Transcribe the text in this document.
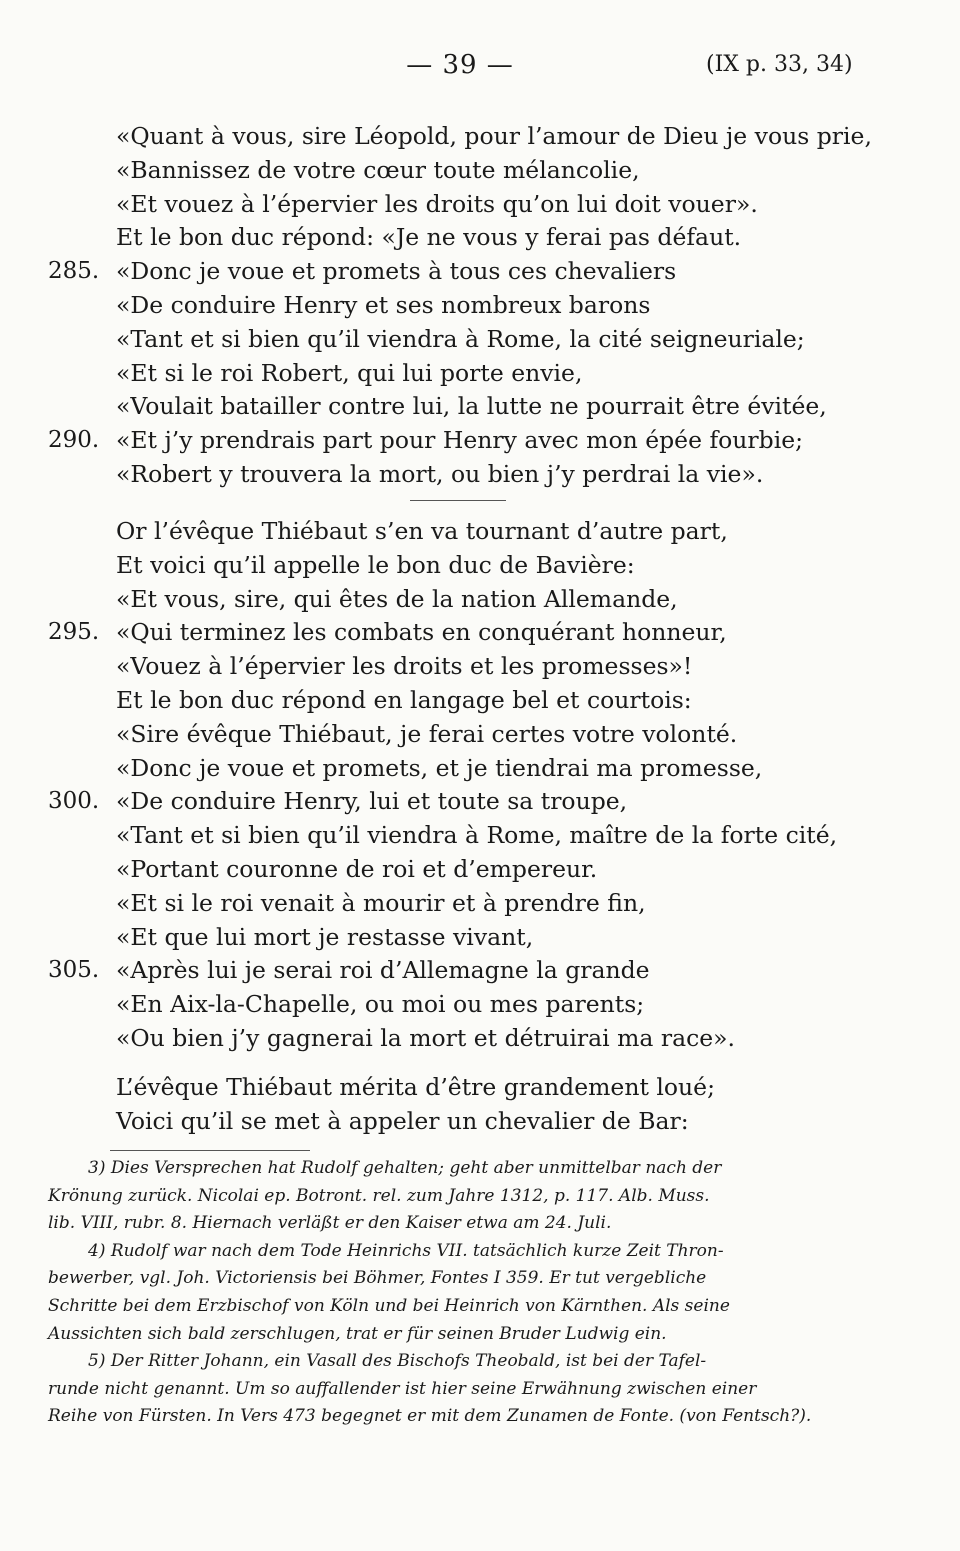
— 39 —	(IX p. 33, 34)
«Quant à vous, sire Léopold, pour l’amour de Dieu je vous prie,
«Bannissez de votre cœur toute mélancolie,
«Et vouez à l’épervier les droits qu’on lui doit vouer».
Et le bon duc répond: «Je ne vous y ferai pas défaut.
285. «Donc je voue et promets à tous ces chevaliers
«De conduire Henry et ses nombreux barons
«Tant et si bien qu’il viendra à Rome, la cité seigneuriale;
«Et si le roi Robert, qui lui porte envie,
«Voulait batailler contre lui, la lutte ne pourrait être évitée,
290. «Et j’y prendrais part pour Henry avec mon épée fourbie;
«Robert y trouvera la mort, ou bien j’y perdrai la vie».
Or l’évêque Thiébaut s’en va tournant d’autre part,
Et voici qu’il appelle le bon duc de Bavière:
«Et vous, sire, qui êtes de la nation Allemande,
295. «Qui terminez les combats en conquérant honneur,
«Vouez à l’épervier les droits et les promesses»!
Et le bon duc répond en langage bel et courtois:
«Sire évêque Thiébaut, je ferai certes votre volonté.
«Donc je voue et promets, et je tiendrai ma promesse,
300. «De conduire Henry, lui et toute sa troupe,
«Tant et si bien qu’il viendra à Rome, maître de la forte cité,
«Portant couronne de roi et d’empereur.
«Et si le roi venait à mourir et à prendre fin,
«Et que lui mort je restasse vivant,
305. «Après lui je serai roi d’Allemagne la grande
«En Aix-la-Chapelle, ou moi ou mes parents;
«Ou bien j’y gagnerai la mort et détruirai ma race».
L’évêque Thiébaut mérita d’être grandement loué;
Voici qu’il se met à appeler un chevalier de Bar:
3) Dies Versprechen hat Rudolf gehalten; geht aber unmittelbar nach der
Krönung zurück. Nicolai ep. Botront. rel. zum Jahre 1312, p. 117. Alb. Muss.
lib. VIII, rubr. 8. Hiernach verläßt er den Kaiser etwa am 24. Juli.
4) Rudolf war nach dem Tode Heinrichs VII. tatsächlich kurze Zeit Thron-
bewerber, vgl. Joh. Victoriensis bei Böhmer, Fontes I 359. Er tut vergebliche
Schritte bei dem Erzbischof von Köln und bei Heinrich von Kärnthen. Als seine
Aussichten sich bald zerschlugen, trat er für seinen Bruder Ludwig ein.
5) Der Ritter Johann, ein Vasall des Bischofs Theobald, ist bei der Tafel-
runde nicht genannt. Um so auffallender ist hier seine Erwähnung zwischen einer
Reihe von Fürsten. In Vers 473 begegnet er mit dem Zunamen de Fonte. (von Fentsch?).
